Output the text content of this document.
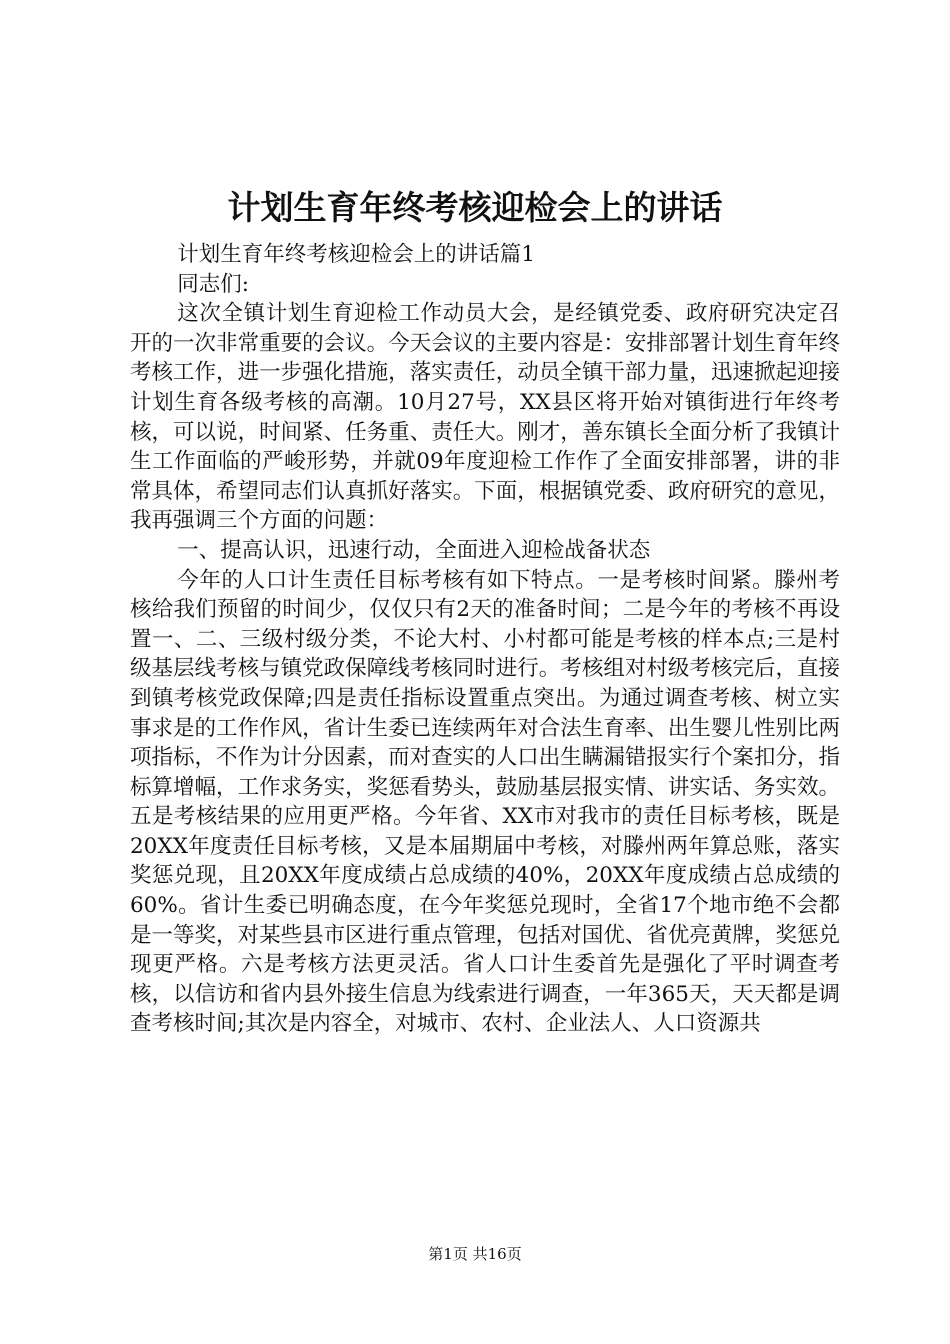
计划生育年终考核迎检会上的讲话

计划生育年终考核迎检会上的讲话篇1

同志们:

这次全镇计划生育迎检工作动员大会，是经镇党委、政府研究决定召开的一次非常重要的会议。今天会议的主要内容是：安排部署计划生育年终考核工作，进一步强化措施，落实责任，动员全镇干部力量，迅速掀起迎接计划生育各级考核的高潮。10月27号，XX县区将开始对镇街进行年终考核，可以说，时间紧、任务重、责任大。刚才，善东镇长全面分析了我镇计生工作面临的严峻形势，并就09年度迎检工作作了全面安排部署，讲的非常具体，希望同志们认真抓好落实。下面，根据镇党委、政府研究的意见，我再强调三个方面的问题：

一、提高认识，迅速行动，全面进入迎检战备状态

今年的人口计生责任目标考核有如下特点。一是考核时间紧。滕州考核给我们预留的时间少，仅仅只有2天的准备时间；二是今年的考核不再设置一、二、三级村级分类，不论大村、小村都可能是考核的样本点;三是村级基层线考核与镇党政保障线考核同时进行。考核组对村级考核完后，直接到镇考核党政保障;四是责任指标设置重点突出。为通过调查考核、树立实事求是的工作作风，省计生委已连续两年对合法生育率、出生婴儿性别比两项指标，不作为计分因素，而对查实的人口出生瞒漏错报实行个案扣分，指标算增幅，工作求务实，奖惩看势头，鼓励基层报实情、讲实话、务实效。五是考核结果的应用更严格。今年省、XX市对我市的责任目标考核，既是20XX年度责任目标考核，又是本届期届中考核，对滕州两年算总账，落实奖惩兑现，且20XX年度成绩占总成绩的40%，20XX年度成绩占总成绩的60%。省计生委已明确态度，在今年奖惩兑现时，全省17个地市绝不会都是一等奖，对某些县市区进行重点管理，包括对国优、省优亮黄牌，奖惩兑现更严格。六是考核方法更灵活。省人口计生委首先是强化了平时调查考核，以信访和省内县外接生信息为线索进行调查，一年365天，天天都是调查考核时间;其次是内容全，对城市、农村、企业法人、人口资源共

第1页 共16页
